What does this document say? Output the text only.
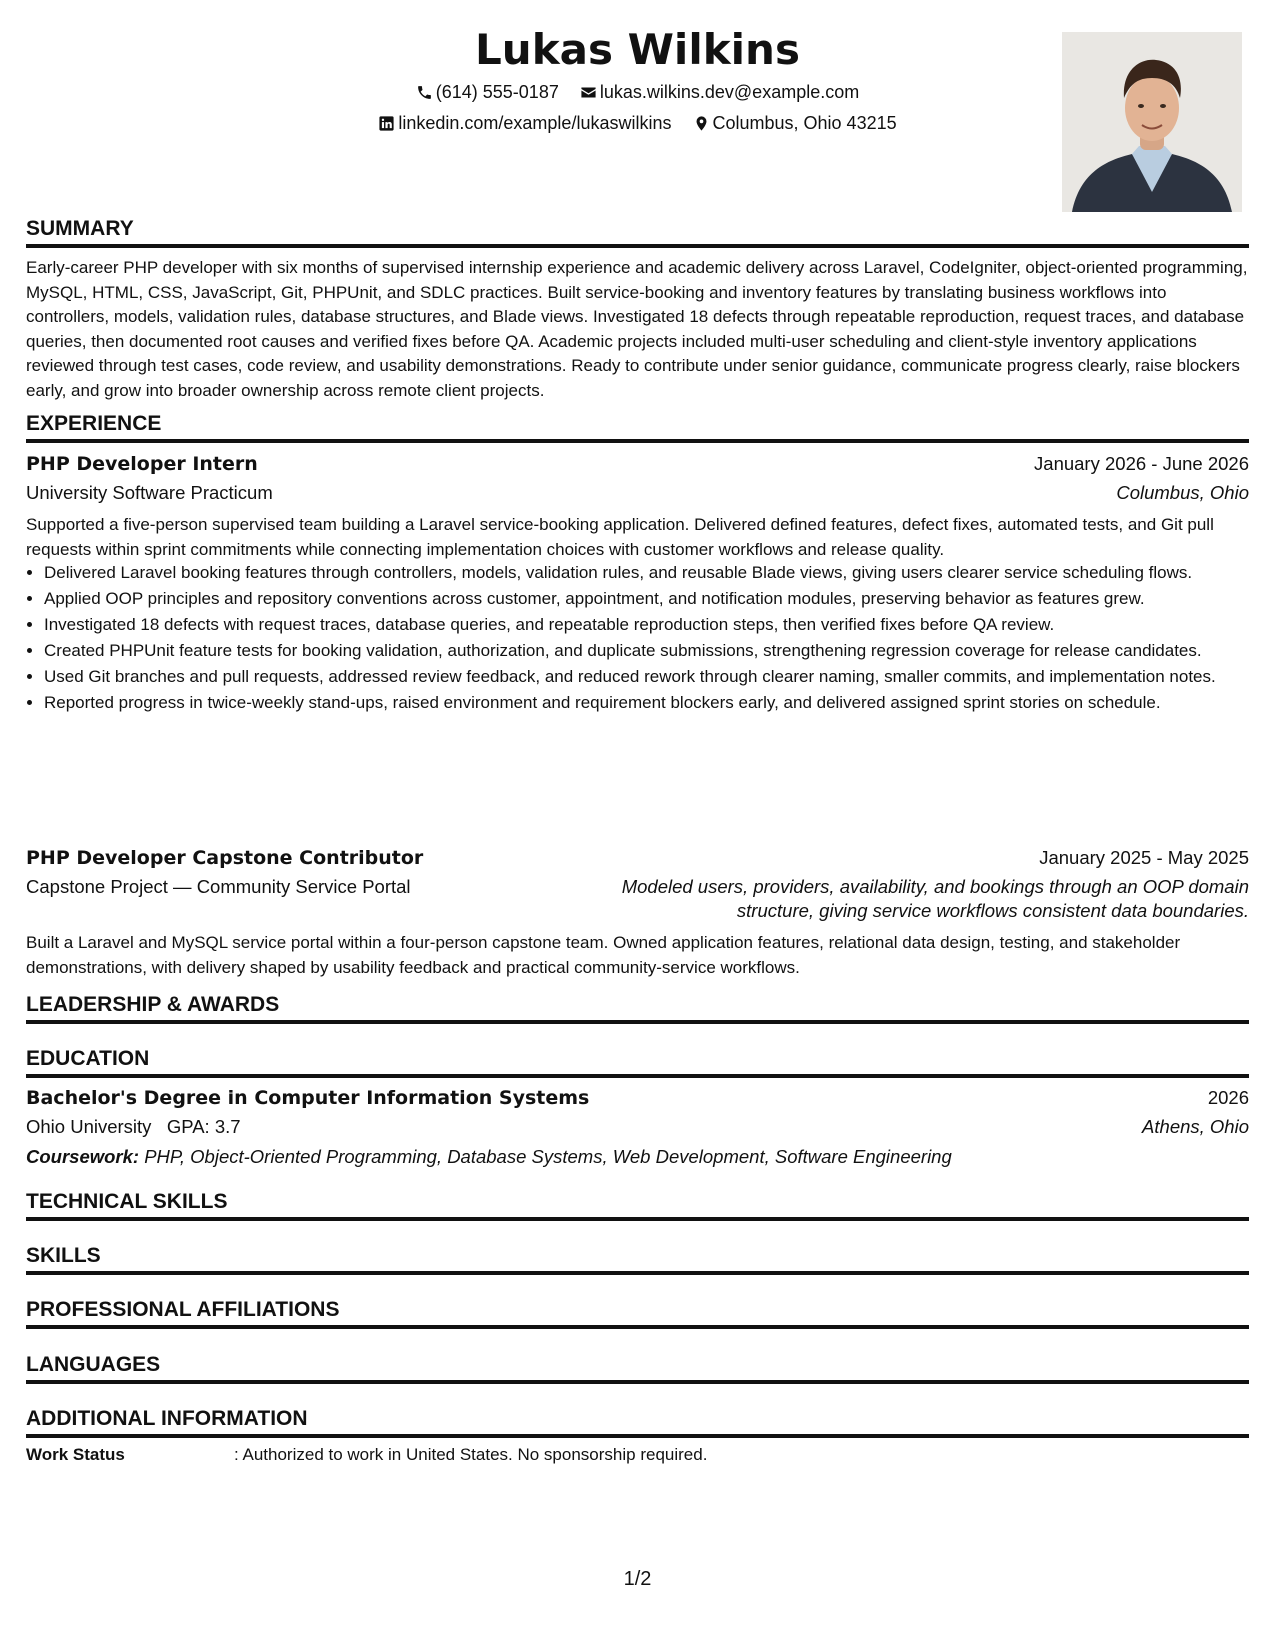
Lukas Wilkins
(614) 555-0187
lukas.wilkins.dev@example.com
linkedin.com/example/lukaswilkins
Columbus, Ohio 43215
SUMMARY
Early-career PHP developer with six months of supervised internship experience and academic delivery across Laravel, CodeIgniter, object-oriented programming, MySQL, HTML, CSS, JavaScript, Git, PHPUnit, and SDLC practices. Built service-booking and inventory features by translating business workflows into controllers, models, validation rules, database structures, and Blade views. Investigated 18 defects through repeatable reproduction, request traces, and database queries, then documented root causes and verified fixes before QA. Academic projects included multi-user scheduling and client-style inventory applications reviewed through test cases, code review, and usability demonstrations. Ready to contribute under senior guidance, communicate progress clearly, raise blockers early, and grow into broader ownership across remote client projects.
EXPERIENCE
PHP Developer Intern	January 2026 - June 2026
University Software Practicum	Columbus, Ohio
Supported a five-person supervised team building a Laravel service-booking application. Delivered defined features, defect fixes, automated tests, and Git pull requests within sprint commitments while connecting implementation choices with customer workflows and release quality.
• Delivered Laravel booking features through controllers, models, validation rules, and reusable Blade views, giving users clearer service scheduling flows.
• Applied OOP principles and repository conventions across customer, appointment, and notification modules, preserving behavior as features grew.
• Investigated 18 defects with request traces, database queries, and repeatable reproduction steps, then verified fixes before QA review.
• Created PHPUnit feature tests for booking validation, authorization, and duplicate submissions, strengthening regression coverage for release candidates.
• Used Git branches and pull requests, addressed review feedback, and reduced rework through clearer naming, smaller commits, and implementation notes.
• Reported progress in twice-weekly stand-ups, raised environment and requirement blockers early, and delivered assigned sprint stories on schedule.
PHP Developer Capstone Contributor	January 2025 - May 2025
Capstone Project — Community Service Portal	Modeled users, providers, availability, and bookings through an OOP domain structure, giving service workflows consistent data boundaries.
Built a Laravel and MySQL service portal within a four-person capstone team. Owned application features, relational data design, testing, and stakeholder demonstrations, with delivery shaped by usability feedback and practical community-service workflows.
LEADERSHIP & AWARDS
EDUCATION
Bachelor's Degree in Computer Information Systems	2026
Ohio University GPA: 3.7	Athens, Ohio
Coursework: PHP, Object-Oriented Programming, Database Systems, Web Development, Software Engineering
TECHNICAL SKILLS
SKILLS
PROFESSIONAL AFFILIATIONS
LANGUAGES
ADDITIONAL INFORMATION
Work Status	: Authorized to work in United States. No sponsorship required.
1/2
